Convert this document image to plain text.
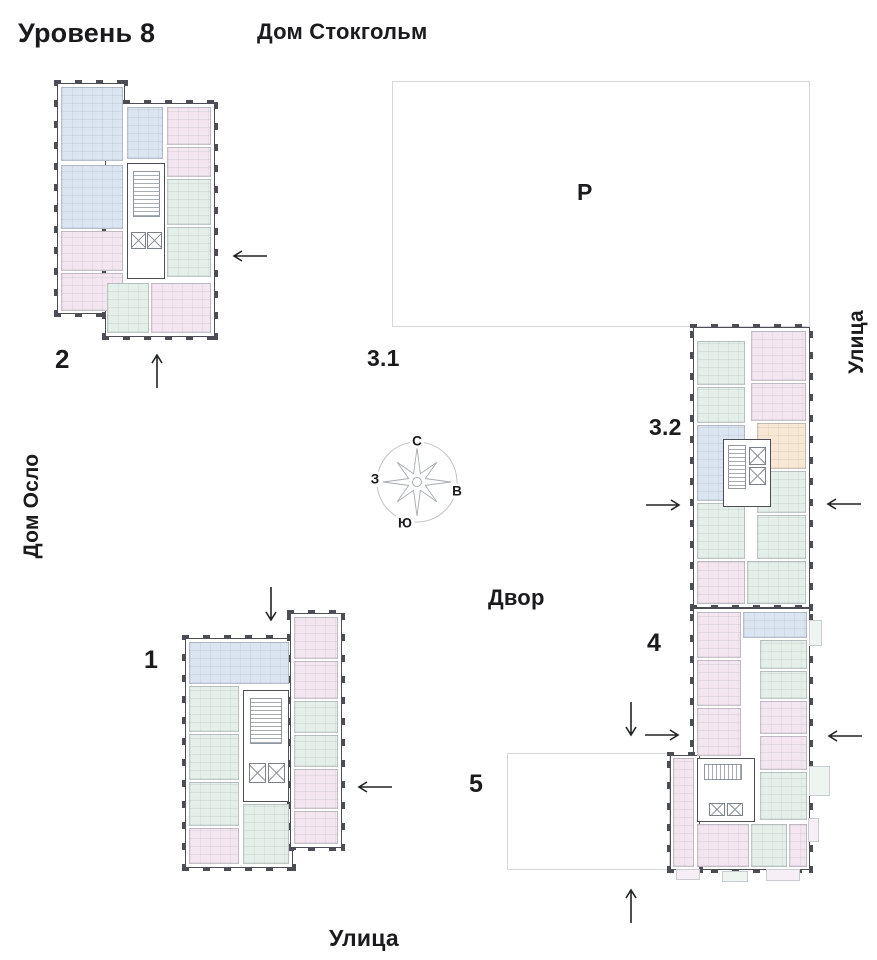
Уровень 8	Дом Стокгольм
Дом Осло
Улица
Улица
Двор
Р
3.1
5
2
1
3.2
4
С
Ю
З
В
